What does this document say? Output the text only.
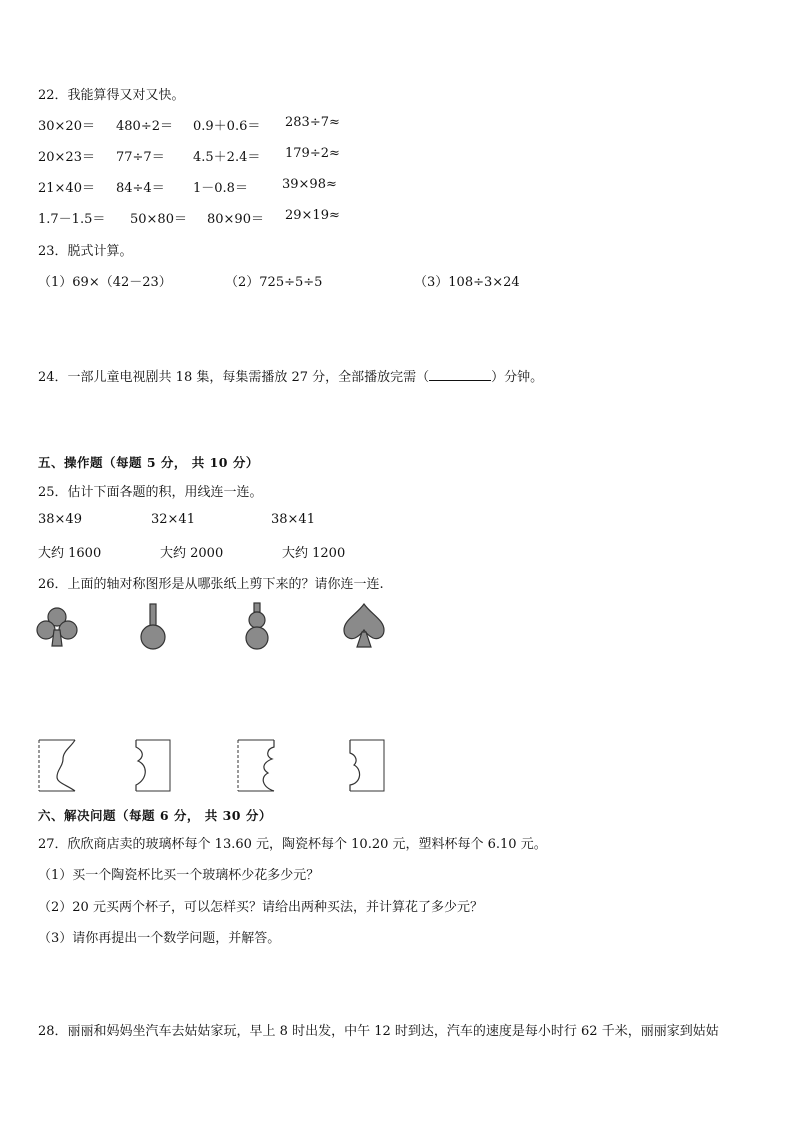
22．我能算得又对又快。
30×20＝ 480÷2＝ 0.9＋0.6＝ 283÷7≈
20×23＝ 77÷7＝ 4.5＋2.4＝ 179÷2≈
21×40＝ 84÷4＝ 1－0.8＝	39×98≈
1.7－1.5＝ 50×80＝ 80×90＝ 29×19≈
23．脱式计算。
（1）69×（42－23）	（2）725÷5÷5	（3）108÷3×24
24．一部儿童电视剧共 18 集，每集需播放 27 分，全部播放完需（	）分钟。
五、操作题（每题 5 分， 共 10 分）
25．估计下面各题的积，用线连一连。
38×49	32×41	38×41
大约 1600	大约 2000	大约 1200
26．上面的轴对称图形是从哪张纸上剪下来的？请你连一连.
六、解决问题（每题 6 分， 共 30 分）
27．欣欣商店卖的玻璃杯每个 13.60 元，陶瓷杯每个 10.20 元，塑料杯每个 6.10 元。
（1）买一个陶瓷杯比买一个玻璃杯少花多少元？
（2）20 元买两个杯子，可以怎样买？请给出两种买法，并计算花了多少元？
（3）请你再提出一个数学问题，并解答。
28．丽丽和妈妈坐汽车去姑姑家玩，早上 8 时出发，中午 12 时到达，汽车的速度是每小时行 62 千米，丽丽家到姑姑
